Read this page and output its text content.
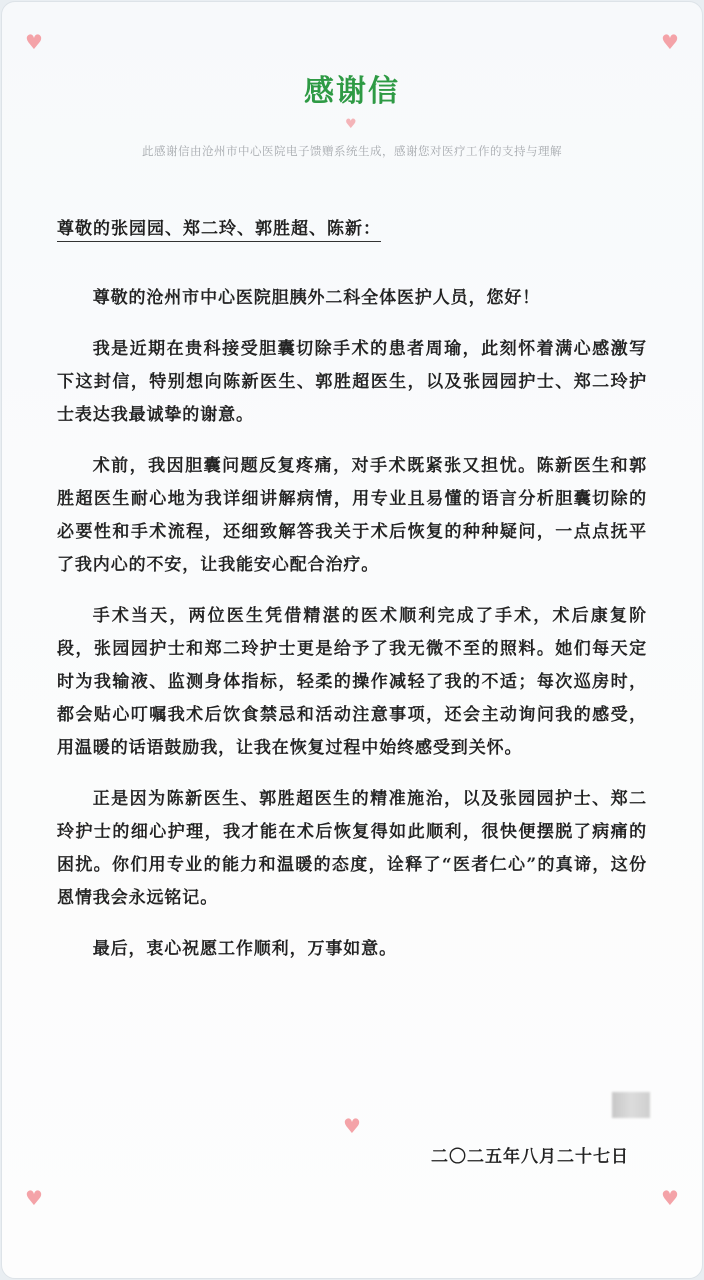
♥	♥
♥
♥
♥	♥
感谢信
此感谢信由沧州市中心医院电子馈赠系统生成，感谢您对医疗工作的支持与理解
尊敬的张园园、郑二玲、郭胜超、陈新：

尊敬的沧州市中心医院胆胰外二科全体医护人员，您好！

我是近期在贵科接受胆囊切除手术的患者周瑜，此刻怀着满心感激写下这封信，特别想向陈新医生、郭胜超医生，以及张园园护士、郑二玲护士表达我最诚挚的谢意。

术前，我因胆囊问题反复疼痛，对手术既紧张又担忧。陈新医生和郭胜超医生耐心地为我详细讲解病情，用专业且易懂的语言分析胆囊切除的必要性和手术流程，还细致解答我关于术后恢复的种种疑问，一点点抚平了我内心的不安，让我能安心配合治疗。

手术当天，两位医生凭借精湛的医术顺利完成了手术，术后康复阶段，张园园护士和郑二玲护士更是给予了我无微不至的照料。她们每天定时为我输液、监测身体指标，轻柔的操作减轻了我的不适；每次巡房时，都会贴心叮嘱我术后饮食禁忌和活动注意事项，还会主动询问我的感受，用温暖的话语鼓励我，让我在恢复过程中始终感受到关怀。

正是因为陈新医生、郭胜超医生的精准施治，以及张园园护士、郑二玲护士的细心护理，我才能在术后恢复得如此顺利，很快便摆脱了病痛的困扰。你们用专业的能力和温暖的态度，诠释了“医者仁心”的真谛，这份恩情我会永远铭记。

最后，衷心祝愿工作顺利，万事如意。

二〇二五年八月二十七日
